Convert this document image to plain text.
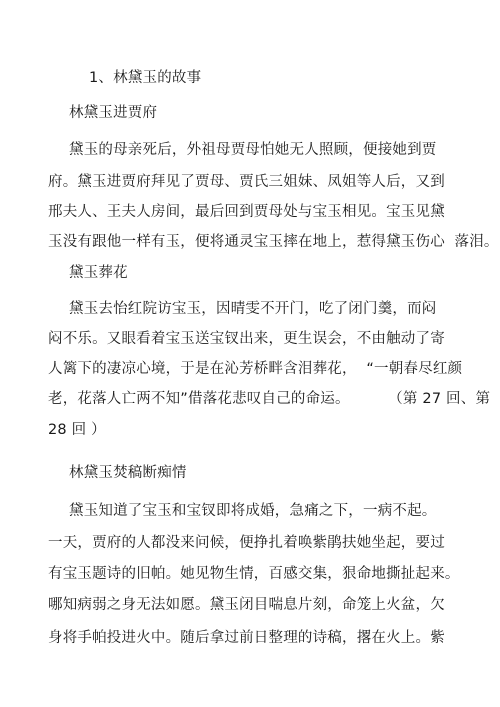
1、林黛玉的故事
林黛玉进贾府
黛玉的母亲死后，外祖母贾母怕她无人照顾，便接她到贾
府。黛玉进贾府拜见了贾母、贾氏三姐妹、凤姐等人后，又到
邢夫人、王夫人房间，最后回到贾母处与宝玉相见。宝玉见黛
玉没有跟他一样有玉，便将通灵宝玉摔在地上，惹得黛玉伤心  落泪。
黛玉葬花
黛玉去怡红院访宝玉，因晴雯不开门，吃了闭门羹，而闷
闷不乐。又眼看着宝玉送宝钗出来，更生误会，不由触动了寄
人篱下的凄凉心境，于是在沁芳桥畔含泪葬花，  “一朝春尽红颜
老，花落人亡两不知”借落花悲叹自己的命运。        （第 27 回、第
28 回 ）
林黛玉焚稿断痴情
黛玉知道了宝玉和宝钗即将成婚，急痛之下，一病不起。
一天，贾府的人都没来问候，便挣扎着唤紫鹃扶她坐起，要过
有宝玉题诗的旧帕。她见物生情，百感交集，狠命地撕扯起来。
哪知病弱之身无法如愿。黛玉闭目喘息片刻，命笼上火盆，欠
身将手帕投进火中。随后拿过前日整理的诗稿，撂在火上。紫
